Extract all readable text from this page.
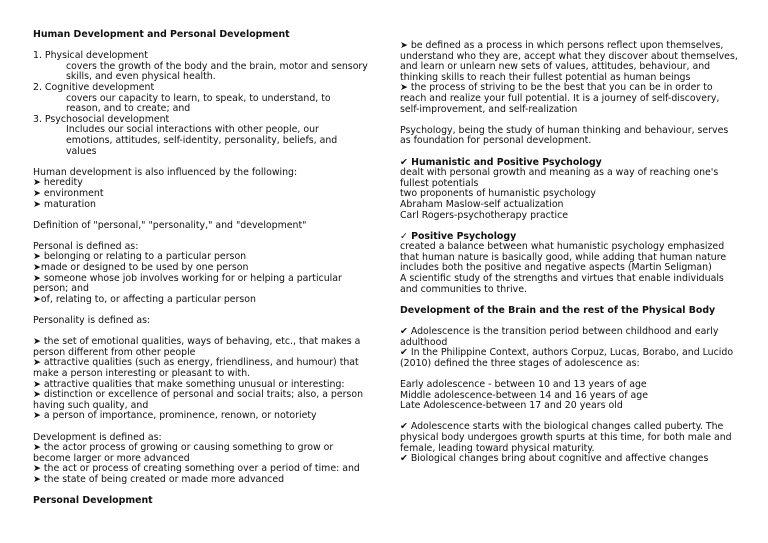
Human Development and Personal Development
1. Physical development
covers the growth of the body and the brain, motor and sensory skills, and even physical health.
2. Cognitive development
covers our capacity to learn, to speak, to understand, to reason, and to create; and
3. Psychosocial development
Includes our social interactions with other people, our emotions, attitudes, self-identity, personality, beliefs, and values
Human development is also influenced by the following:
➤ heredity
➤ environment
➤ maturation
Definition of "personal," "personality," and "development"
Personal is defined as:
➤ belonging or relating to a particular person
➤made or designed to be used by one person
➤ someone whose job involves working for or helping a particular person; and
➤of, relating to, or affecting a particular person
Personality is defined as:
➤ the set of emotional qualities, ways of behaving, etc., that makes a person different from other people
➤ attractive qualities (such as energy, friendliness, and humour) that make a person interesting or pleasant to with.
➤ attractive qualities that make something unusual or interesting:
➤ distinction or excellence of personal and social traits; also, a person having such quality, and
➤ a person of importance, prominence, renown, or notoriety
Development is defined as:
➤ the actor process of growing or causing something to grow or become larger or more advanced
➤ the act or process of creating something over a period of time: and
➤ the state of being created or made more advanced
Personal Development
➤ be defined as a process in which persons reflect upon themselves, understand who they are, accept what they discover about themselves, and learn or unlearn new sets of values, attitudes, behaviour, and thinking skills to reach their fullest potential as human beings
➤ the process of striving to be the best that you can be in order to reach and realize your full potential. It is a journey of self-discovery, self-improvement, and self-realization
Psychology, being the study of human thinking and behaviour, serves as foundation for personal development.
✔ Humanistic and Positive Psychology
dealt with personal growth and meaning as a way of reaching one's fullest potentials
two proponents of humanistic psychology
Abraham Maslow-self actualization
Carl Rogers-psychotherapy practice
✓ Positive Psychology
created a balance between what humanistic psychology emphasized that human nature is basically good, while adding that human nature includes both the positive and negative aspects (Martin Seligman)
A scientific study of the strengths and virtues that enable individuals and communities to thrive.
Development of the Brain and the rest of the Physical Body
✔ Adolescence is the transition period between childhood and early adulthood
✔ In the Philippine Context, authors Corpuz, Lucas, Borabo, and Lucido (2010) defined the three stages of adolescence as:
Early adolescence - between 10 and 13 years of age
Middle adolescence-between 14 and 16 years of age
Late Adolescence-between 17 and 20 years old
✔ Adolescence starts with the biological changes called puberty. The physical body undergoes growth spurts at this time, for both male and female, leading toward physical maturity.
✔ Biological changes bring about cognitive and affective changes
